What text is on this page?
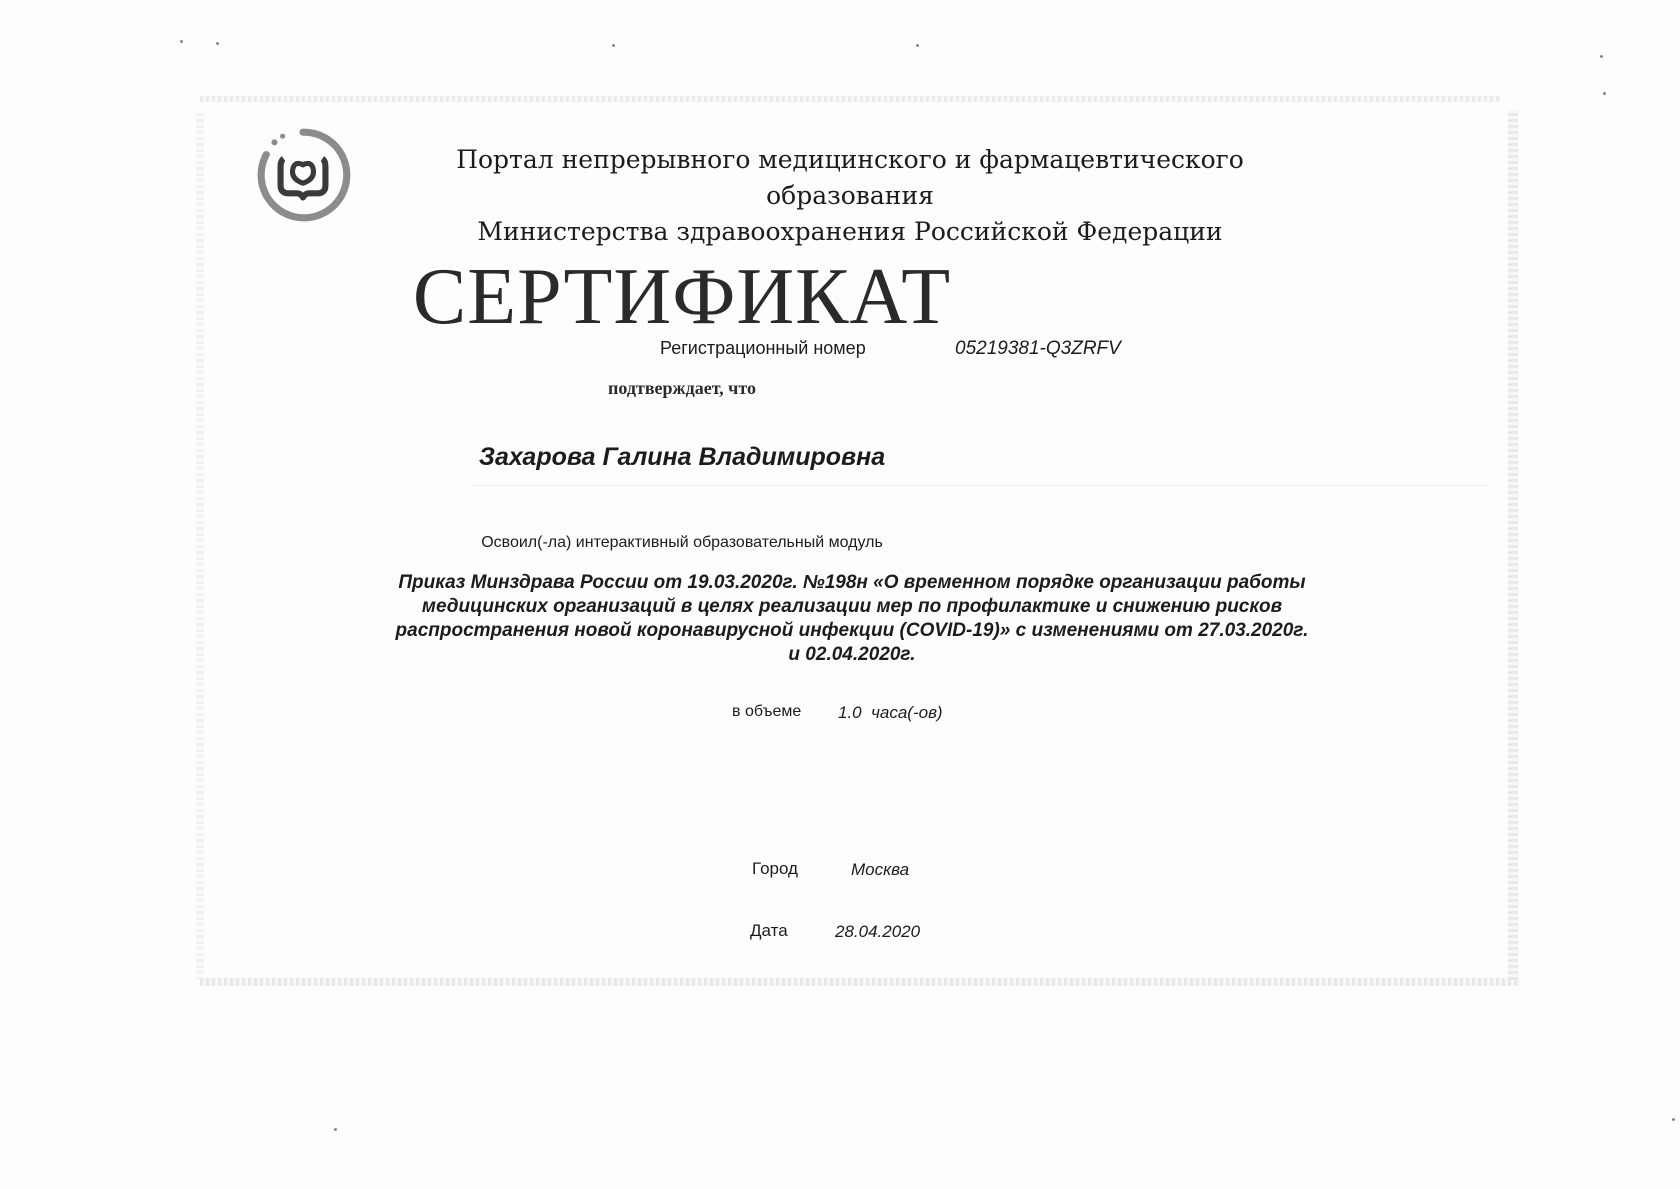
Портал непрерывного медицинского и фармацевтического образования
Министерства здравоохранения Российской Федерации
СЕРТИФИКАТ
Регистрационный номер	05219381-Q3ZRFV
подтверждает, что
Захарова Галина Владимировна
Освоил(-ла) интерактивный образовательный модуль
Приказ Минздрава России от 19.03.2020г. №198н «О временном порядке организации работы
медицинских организаций в целях реализации мер по профилактике и снижению рисков
распространения новой коронавирусной инфекции (COVID-19)» с изменениями от 27.03.2020г.
и 02.04.2020г.
в объеме 1.0  часа(-ов)
Город	Москва
Дата	28.04.2020
